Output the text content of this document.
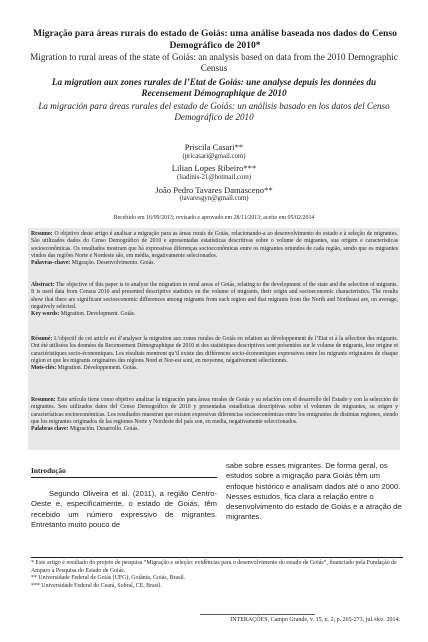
Migração para áreas rurais do estado de Goiás: uma análise baseada nos dados do Censo Demográfico de 2010*
Migration to rural areas of the state of Goiás: an analysis based on data from the 2010 Demographic Census
La migration aux zones rurales de l’Etat de Goiás: une analyse depuis les données du Recensement Démographique de 2010
La migración para áreas rurales del estado de Goiás: un análisis basado en los datos del Censo Demográfico de 2010
Priscila Casari**
(pricasari@gmail.com)
Lilian Lopes Ribeiro***
(liadinis-21@hotmail.com)
João Pedro Tavares Damasceno**
(tavaresgyn@gmail.com)
Recebido em 16/09/2013; revisado e aprovado em 28/11/2013; aceito em 05/02/2014
Resumo: O objetivo deste artigo é analisar a migração para as áreas rurais de Goiás, relacionando-a ao desenvolvimento do estado e à seleção de migrantes. São utilizados dados do Censo Demográfico de 2010 e apresentadas estatísticas descritivas sobre o volume de migrantes, sua origem e características socioeconômicas. Os resultados mostram que há expressivas diferenças socioeconômicas entre os migrantes oriundos de cada região, sendo que os migrantes vindos das regiões Norte e Nordeste são, em média, negativamente selecionados.
Palavras-chave: Migração. Desenvolvimento. Goiás.
Abstract: The objective of this paper is to analyze the migration to rural areas of Goiás, relating to the development of the state and the selection of migrants. It is used data from Census 2010 and presented descriptive statistics on the volume of migrants, their origin and socioeconomic characteristics. The results show that there are significant socioeconomic differences among migrants from each region and that migrants from the North and Northeast are, on average, negatively selected.
Key words: Migration. Development. Goiás.
Résumé: L’objectif de cet article est d’analyser la migration aux zones rurales de Goiás en relation au développement de l’Etat et à la sélection des migrants. Ont été utilisées les données du Recensement Démographique de 2010 et des statistiques descriptives sont présentées sur le volume de migrants, leur origine et caractéristiques socio-économiques. Les résultats montrent qu’il existe des différences socio-économiques expressives entre les migrants originaires de chaque région et que les migrants originaires des régions Nord et Nor-est sont, en moyenne, négativement sélectionnés.
Mots-clés: Migration. Développement. Goiás.
Resumen: Este artículo tiene como objetivo analizar la migración para áreas rurales de Goiás y su relación con el desarrollo del Estado y con la selección de migrantes. Son utilizados datos del Censo Demográfico de 2010 y presentadas estadísticas descriptivas sobre el volumen de migrantes, su origen y características socioeconómicas. Los resultados muestran que existen expresivas diferencias socioeconómicas entre los emigrantes de distintas regiones, siendo que los migrantes originados de las regiones Norte y Nordeste del país son, en media, negativamente seleccionados.
Palabras clave: Migración. Desarrollo. Goiás.
Introdução
Segundo Oliveira et al. (2011), a região Centro-Oeste e, especificamente, o estado de Goiás, têm recebido um número expressivo de migrantes. Entretanto muito pouco de
sabe sobre esses migrantes. De forma geral, os estudos sobre a migração para Goiás têm um enfoque histórico e analisam dados até o ano 2000. Nesses estudos, fica clara a relação entre o desenvolvimento do estado de Goiás e a atração de migrantes.
* Este artigo é resultado do projeto de pesquisa “Migração e seleção: evidências para o desenvolvimento do estado de Goiás”, financiado pela Fundação de Amparo à Pesquisa do Estado de Goiás.
** Universidade Federal de Goiás (UFG), Goiânia, Goiás, Brasil.
*** Universidade Federal do Ceará, Sobral, CE, Brasil.
INTERAÇÕES, Campo Grande, v. 15, n. 2, p. 265-273, jul./dez. 2014.
